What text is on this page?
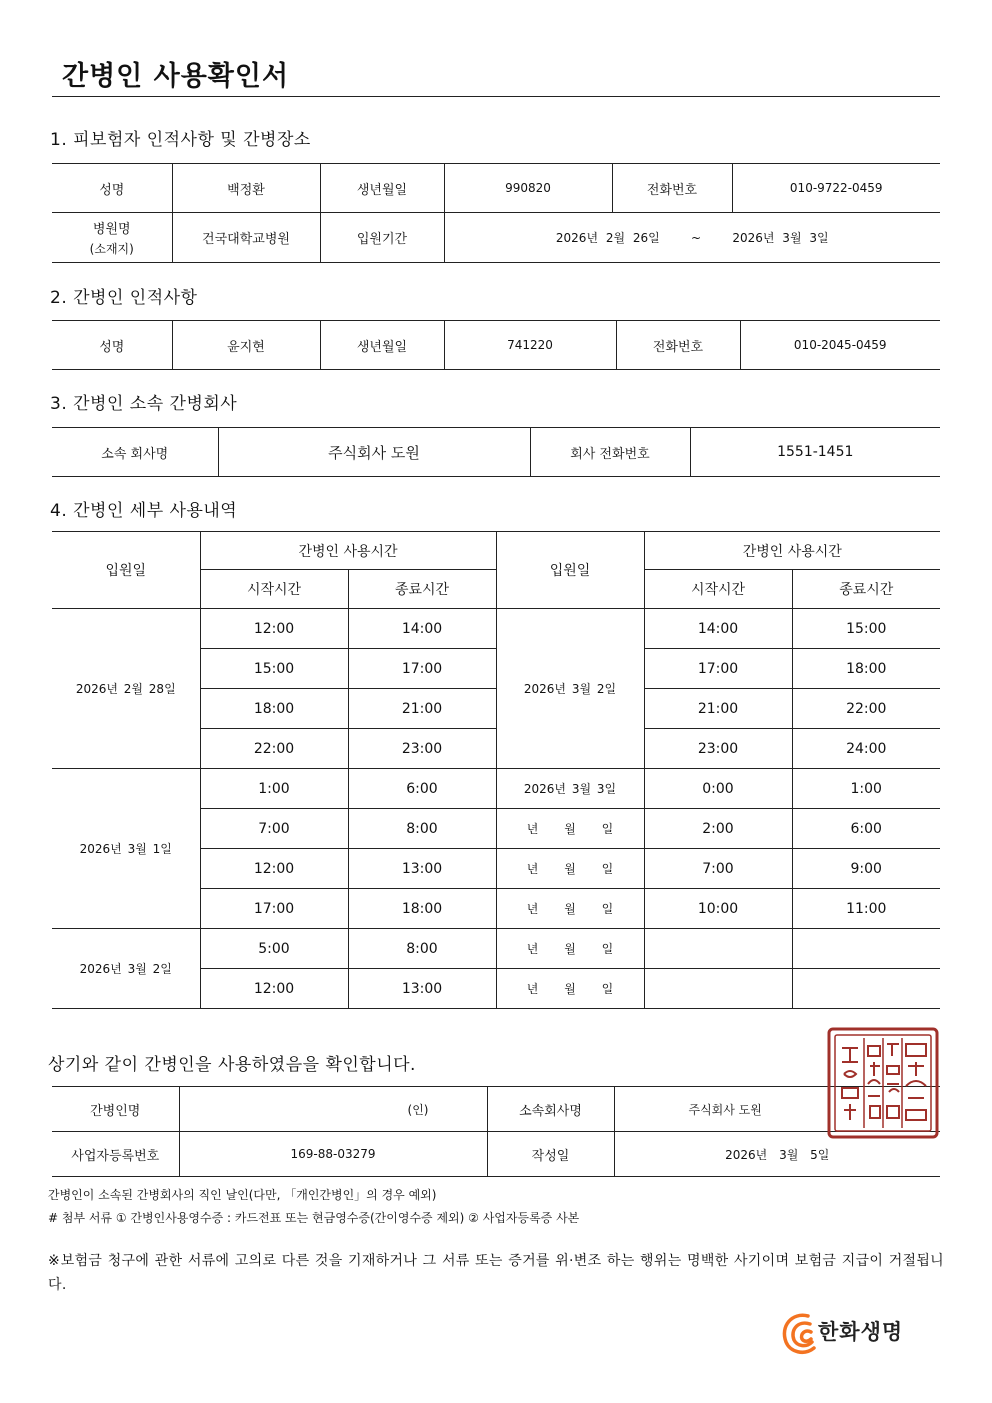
간병인 사용확인서
1. 피보험자 인적사항 및 간병장소
성명	백정환	생년월일	990820	전화번호	010-9722-0459

병원명
(소재지)	건국대학교병원	입원기간	2026년 2월 26일 ~ 2026년 3월 3일		
2. 간병인 인적사항
성명	윤지현	생년월일	741220	전화번호	010-2045-0459
3. 간병인 소속 간병회사
소속 회사명	주식회사 도원	회사 전화번호	1551-1451
4. 간병인 세부 사용내역
입원일	간병인 사용시간		입원일	간병인 사용시간	
	시작시간	종료시간		시작시간	종료시간
2026년 2월 28일	12:00	14:00	2026년 3월 2일	14:00	15:00
	15:00	17:00		17:00	18:00
	18:00	21:00		21:00	22:00
	22:00	23:00		23:00	24:00
2026년 3월 1일	1:00	6:00	2026년 3월 3일	0:00	1:00
	7:00	8:00	년 월 일	2:00	6:00
	12:00	13:00	년 월 일	7:00	9:00
	17:00	18:00	년 월 일	10:00	11:00
2026년 3월 2일	5:00	8:00	년 월 일		
	12:00	13:00	년 월 일		
상기와 같이 간병인을 사용하였음을 확인합니다.
간병인명	(인)	소속회사명	주식회사 도원
사업자등록번호	169-88-03279	작성일	2026년 3월 5일
간병인이 소속된 간병회사의 직인 날인(다만, 「개인간병인」의 경우 예외)
# 첨부 서류 ① 간병인사용영수증 : 카드전표 또는 현금영수증(간이영수증 제외) ② 사업자등록증 사본
※보험금 청구에 관한 서류에 고의로 다른 것을 기재하거나 그 서류 또는 증거를 위·변조 하는 행위는 명백한 사기이며 보험금 지급이 거절됩니다.
한화생명
